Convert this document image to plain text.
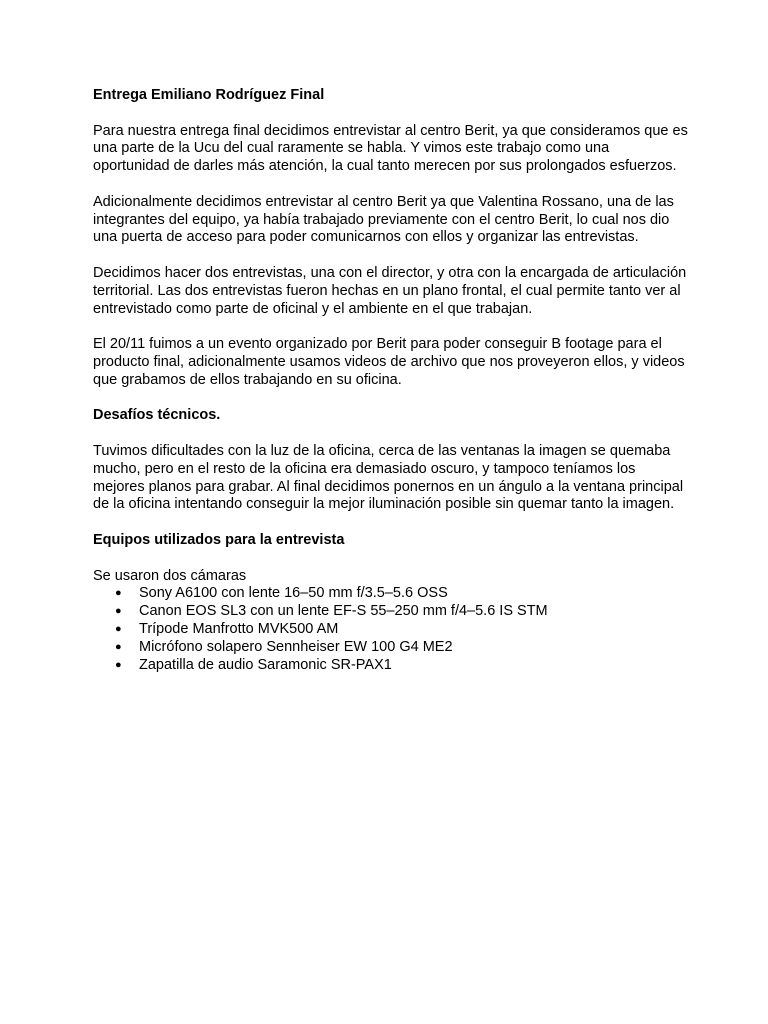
Entrega Emiliano Rodríguez Final

Para nuestra entrega final decidimos entrevistar al centro Berit, ya que consideramos que es
una parte de la Ucu del cual raramente se habla. Y vimos este trabajo como una
oportunidad de darles más atención, la cual tanto merecen por sus prolongados esfuerzos.

Adicionalmente decidimos entrevistar al centro Berit ya que Valentina Rossano, una de las
integrantes del equipo, ya había trabajado previamente con el centro Berit, lo cual nos dio
una puerta de acceso para poder comunicarnos con ellos y organizar las entrevistas.

Decidimos hacer dos entrevistas, una con el director, y otra con la encargada de articulación
territorial. Las dos entrevistas fueron hechas en un plano frontal, el cual permite tanto ver al
entrevistado como parte de oficinal y el ambiente en el que trabajan.

El 20/11 fuimos a un evento organizado por Berit para poder conseguir B footage para el
producto final, adicionalmente usamos videos de archivo que nos proveyeron ellos, y videos
que grabamos de ellos trabajando en su oficina.

Desafíos técnicos.

Tuvimos dificultades con la luz de la oficina, cerca de las ventanas la imagen se quemaba
mucho, pero en el resto de la oficina era demasiado oscuro, y tampoco teníamos los
mejores planos para grabar. Al final decidimos ponernos en un ángulo a la ventana principal
de la oficina intentando conseguir la mejor iluminación posible sin quemar tanto la imagen.

Equipos utilizados para la entrevista

Se usaron dos cámaras

● Sony A6100 con lente 16–50 mm f/3.5–5.6 OSS
● Canon EOS SL3 con un lente EF-S 55–250 mm f/4–5.6 IS STM
● Trípode Manfrotto MVK500 AM
● Micrófono solapero Sennheiser EW 100 G4 ME2
● Zapatilla de audio Saramonic SR-PAX1
